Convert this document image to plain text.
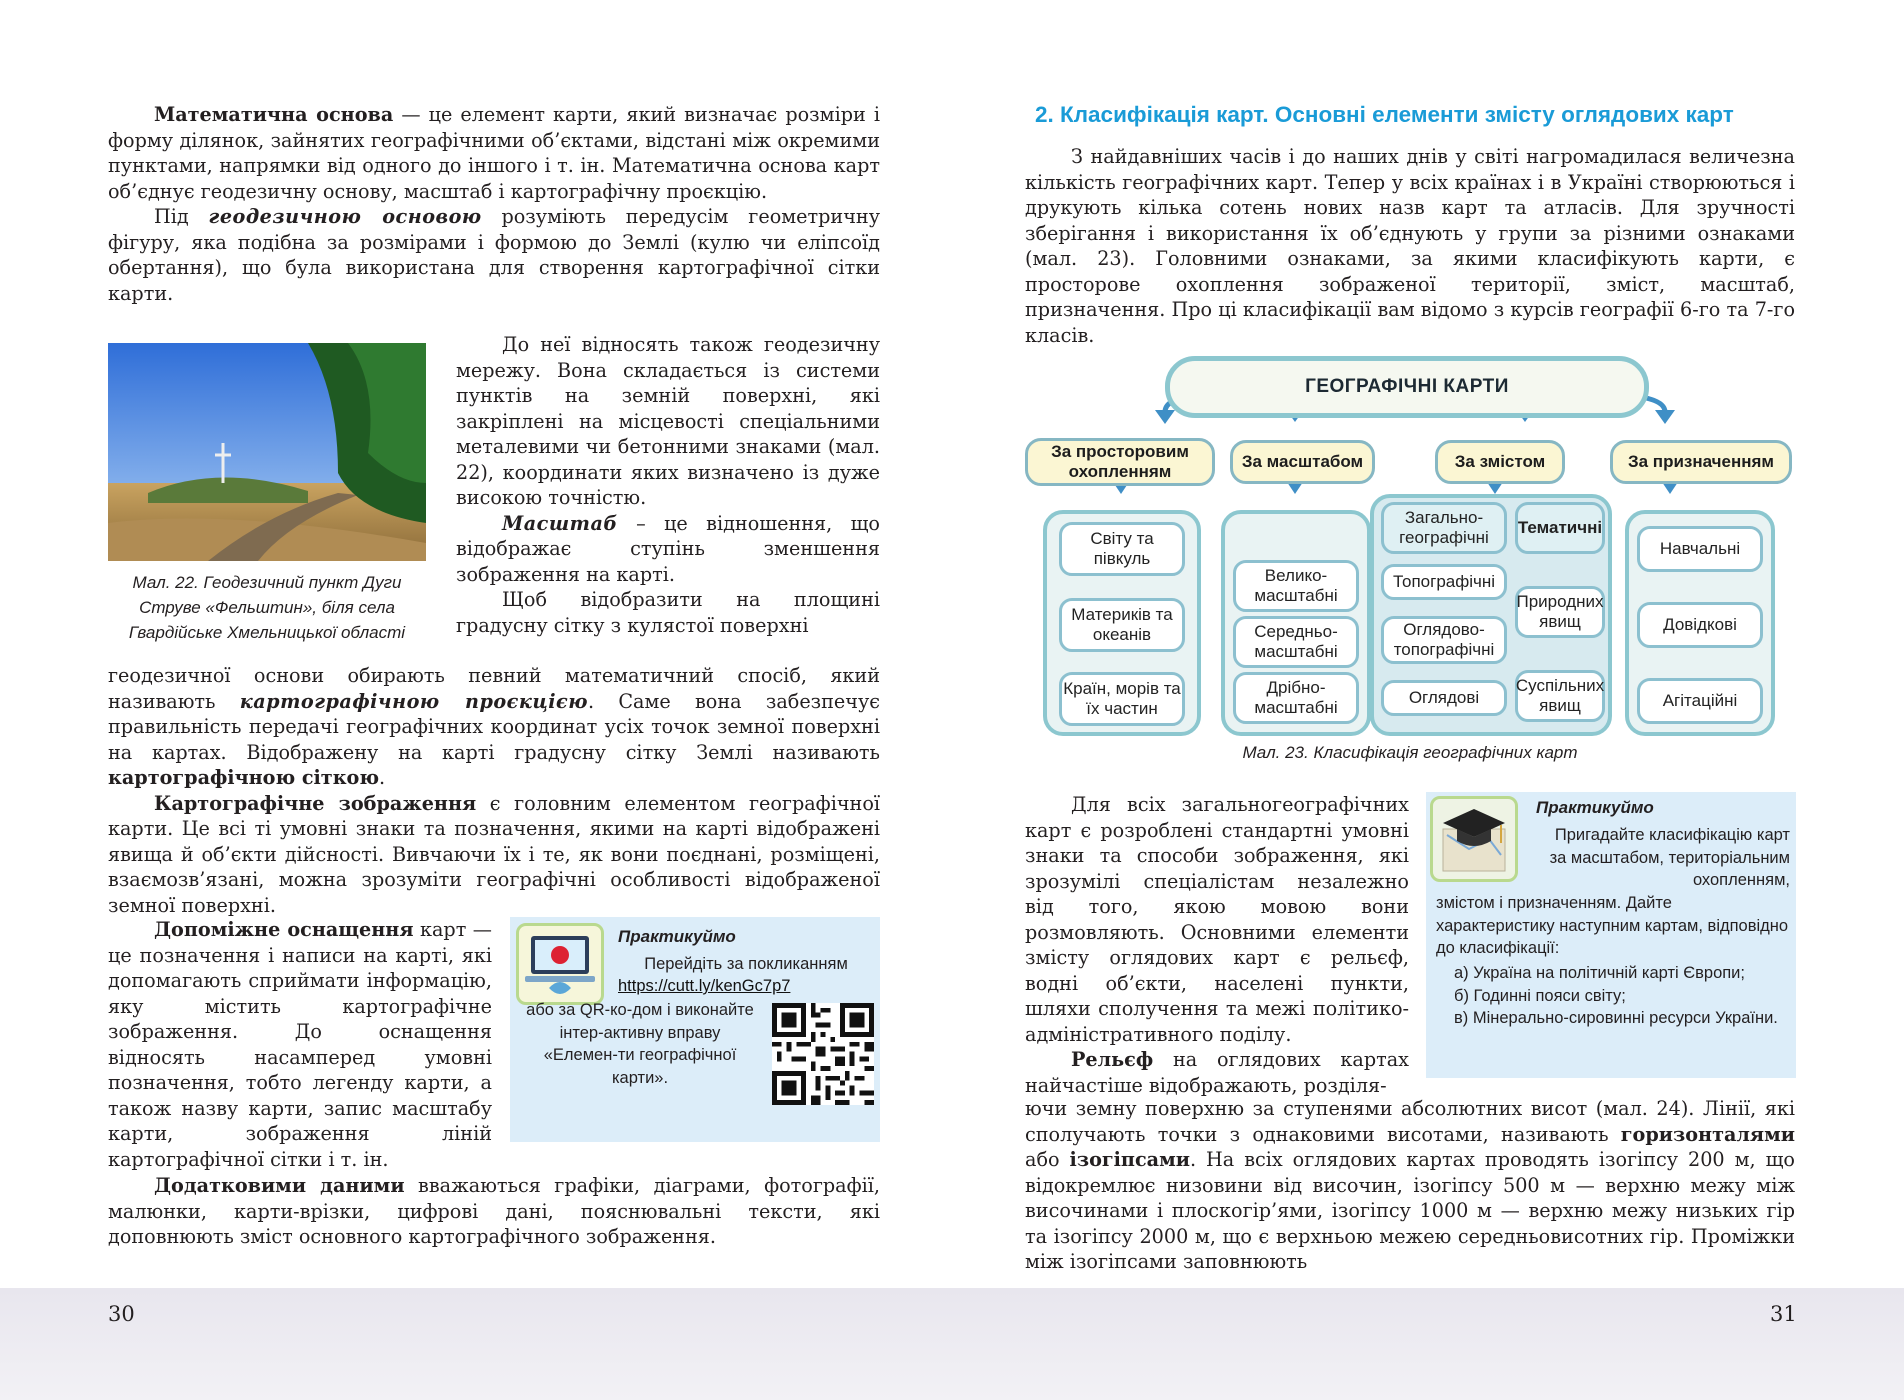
Математична основа — це елемент карти, який визначає розміри і форму ділянок, зайнятих географічними об’єктами, відстані між окремими пунктами, напрямки від одного до іншого і т. ін. Математична основа карт об’єднує геодезичну основу, масштаб і картографічну проєкцію.

Під геодезичною основою розуміють передусім геометричну фігуру, яка подібна за розмірами і формою до Землі (кулю чи еліпсоїд обертання), що була використана для створення картографічної сітки карти.

Мал. 22. Геодезичний пункт Дуги Струве «Фельштин», біля села Гвардійське Хмельницької області

До неї відносять також геодезичну мережу. Вона складається із системи пунктів на земній поверхні, які закріплені на місцевості спеціальними металевими чи бетонними знаками (мал. 22), координати яких визначено із дуже високою точністю.

Масштаб – це відношення, що відображає ступінь зменшення зображення на карті.

Щоб відобразити на площині градусну сітку з кулястої поверхні

геодезичної основи обирають певний математичний спосіб, який називають картографічною проєкцією. Саме вона забезпечує правильність передачі географічних координат усіх точок земної поверхні на картах. Відображену на карті градусну сітку Землі називають картографічною сіткою.

Картографічне зображення є головним елементом географічної карти. Це всі ті умовні знаки та позначення, якими на карті відображені явища й об’єкти дійсності. Вивчаючи їх і те, як вони поєднані, розміщені, взаємозв’язані, можна зрозуміти географічні особливості відображеної земної поверхні.

Допоміжне оснащення карт — це позначення і написи на карті, які допомагають сприймати інформацію, яку містить картографічне зображення. До оснащення відносять насамперед умовні позначення, тобто легенду карти, а також назву карти, запис масштабу карти, зображення ліній картографічної сітки і т. ін.

Практикуймо
Перейдіть за покликанням
https://cutt.ly/kenGc7p7
або за QR-ко-дом і виконайте інтер-активну вправу «Елемен-ти географічної карти».

Додатковими даними вважаються графіки, діаграми, фотографії, малюнки, карти-врізки, цифрові дані, пояснювальні тексти, які доповнюють зміст основного картографічного зображення.

2. Класифікація карт. Основні елементи змісту оглядових карт

З найдавніших часів і до наших днів у світі нагромадилася величезна кількість географічних карт. Тепер у всіх країнах і в Україні створюються і друкують кілька сотень нових назв карт та атласів. Для зручності зберігання і використання їх об’єднують у групи за різними ознаками (мал. 23). Головними ознаками, за якими класифікують карти, є просторове охоплення зображеної території, зміст, масштаб, призначення. Про ці класифікації вам відомо з курсів географії 6-го та 7-го класів.

ГЕОГРАФІЧНІ КАРТИ
За просторовим охопленням
За масштабом	За змістом	За призначенням
Світу та півкуль
Материків та океанів
Країн, морів та їх частин
Велико-масштабні
Середньо-масштабні
Дрібно-масштабні
Загально-географічні
Тематичні
Топографічні
Оглядово-топографічні
Оглядові
Природних явищ
Суспільних явищ
Навчальні
Довідкові
Агітаційні
Мал. 23. Класифікація географічних карт

Для всіх загальногеографічних карт є розроблені стандартні умовні знаки та способи зображення, які зрозумілі спеціалістам незалежно від того, якою мовою вони розмовляють. Основними елементи змісту оглядових карт є рельєф, водні об’єкти, населені пункти, шляхи сполучення та межі політико-адміністративного поділу.

Рельєф на оглядових картах найчастіше відображають, розділя-

Практикуймо
Пригадайте класифікацію карт за масштабом, територіальним охопленням,
змістом і призначенням. Дайте характеристику наступним картам, відповідно до класифікації:
а) Україна на політичній карті Європи;
б) Годинні пояси світу;
в) Мінерально-сировинні ресурси України.

ючи земну поверхню за ступенями абсолютних висот (мал. 24). Лінії, які сполучають точки з однаковими висотами, називають горизонталями або ізогіпсами. На всіх оглядових картах проводять ізогіпсу 200 м, що відокремлює низовини від височин, ізогіпсу 500 м — верхню межу між височинами і плоскогір’ями, ізогіпсу 1000 м — верхню межу низьких гір та ізогіпсу 2000 м, що є верхньою межею середньовисотних гір. Проміжки між ізогіпсами заповнюють

30	31
